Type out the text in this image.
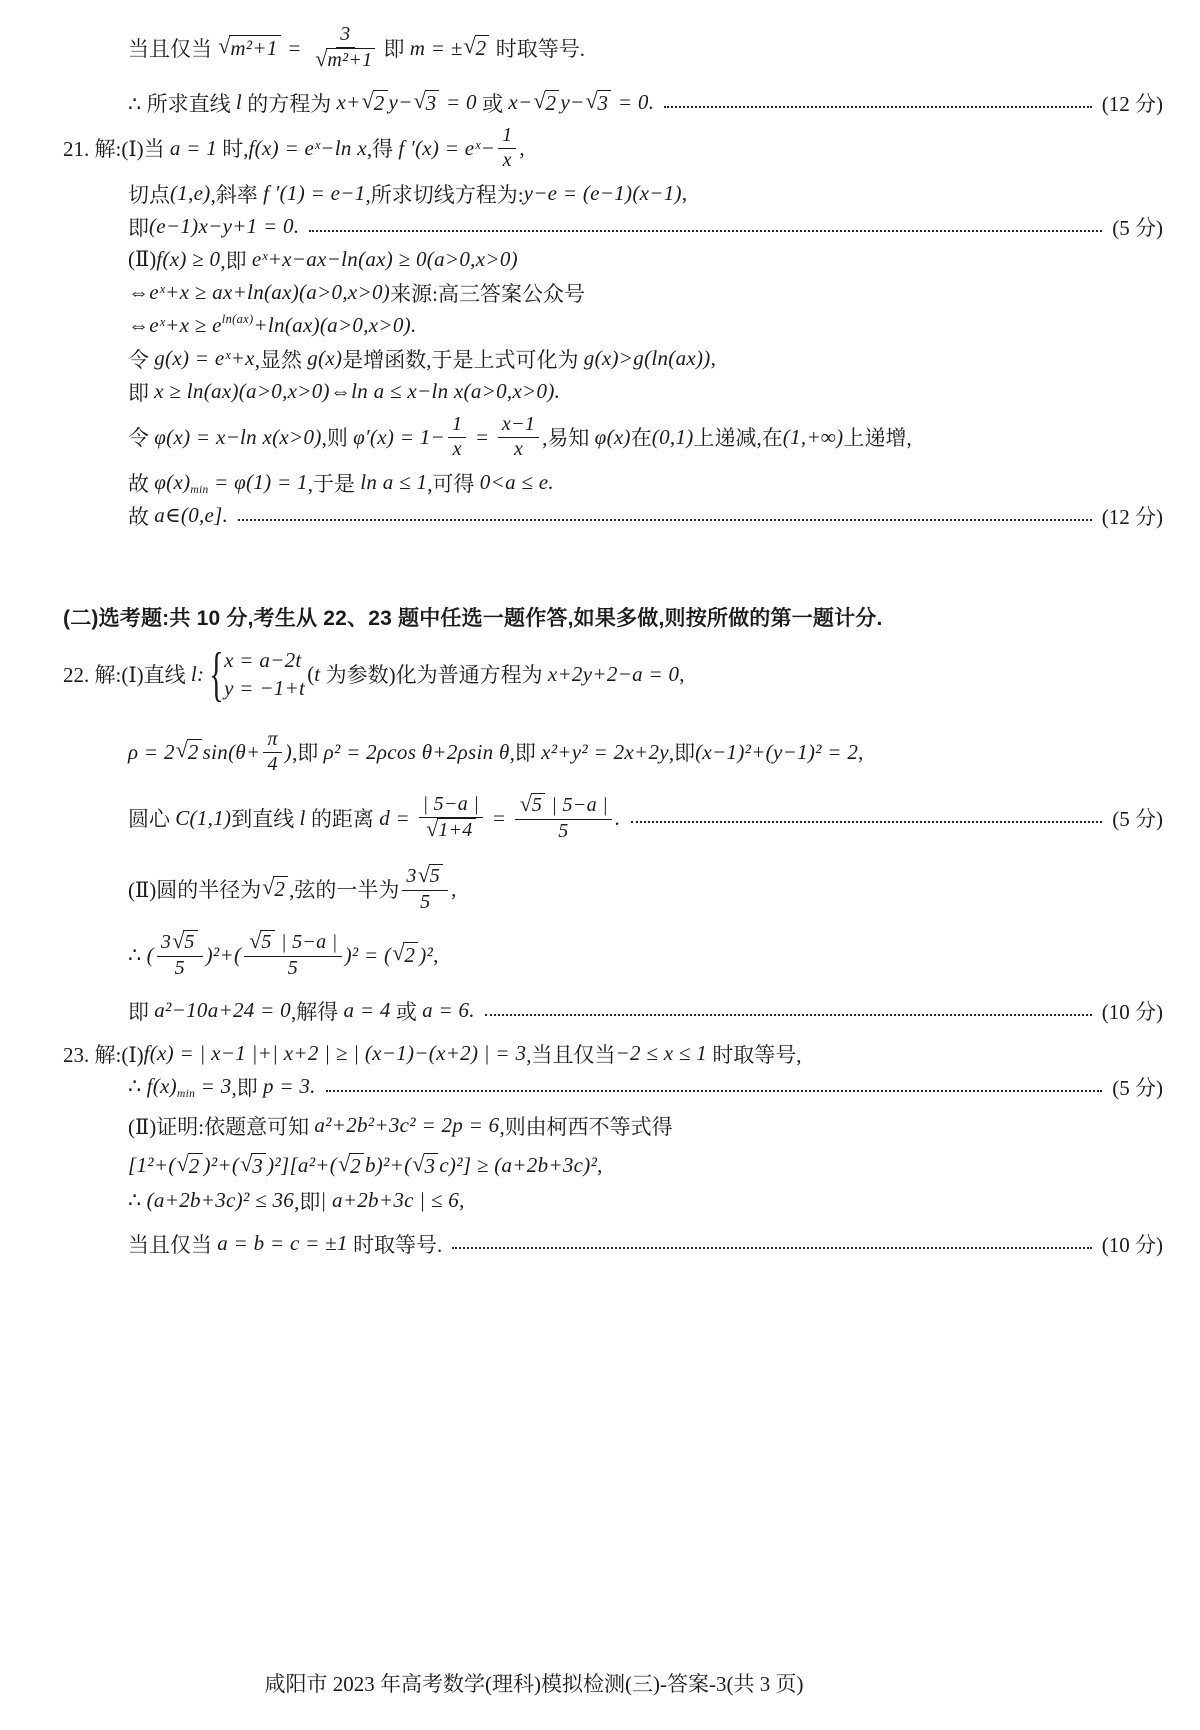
当且仅当 √ $m^2+1 = \frac{3}{\text{√ m²+1}}$ 即 m = ± √ 2 时取等号.
∴ 所求直线 l 的方程为 x+ √ 2 y− √ 3 = 0 或 x− √ 2 y− √ 3 = 0.	(12 分)
21. 解:(Ⅰ)当 a = 1 时, f(x) = eˣ−ln x ,得 f ′(x) = eˣ− $\frac{1}{x}$ ,
切点 (1,e) ,斜率 f ′(1) = e−1 ,所求切线方程为: y−e = (e−1)(x−1) ,
即 (e−1)x−y+1 = 0.	(5 分)
(Ⅱ) f(x) ≥ 0 ,即 eˣ+x−ax−ln(ax) ≥ 0(a>0,x>0)
⇔eˣ+x ≥ ax+ln(ax)(a>0,x>0) 来源:高三答案公众号
⇔eˣ+x ≥ e $^{ln(ax)}$ +ln(ax)(a>0,x>0).
令 g(x) = eˣ+x ,显然 g(x) 是增函数,于是上式可化为 g(x)>g(ln(ax)) ,
即 x ≥ ln(ax)(a>0,x>0)⇔ln a ≤ x−ln x(a>0,x>0).
令 φ(x) = x−ln x(x>0) ,则 $\varphi'(x) = 1- \frac{1}{x} = \frac{x-1}{x}$ ,易知 φ(x) 在 (0,1) 上递减,在 (1,+∞) 上递增,
故 φ(x) $_{min}$ = φ(1) = 1 ,于是 ln a ≤ 1 ,可得 0<a ≤ e.
故 a∈(0,e].	(12 分)
(二)选考题:共 10 分,考生从 22、23 题中任选一题作答,如果多做,则按所做的第一题计分.
22. 解:(Ⅰ)直线 l: { x = a−2t
y = −1+t
( t 为参数)化为普通方程为 x+2y+2−a = 0 ,
ρ = 2 √ 2 $\sin(\theta+ \frac{\pi}{4}$ ) ,即 ρ² = 2ρcos θ+2ρsin θ ,即 x²+y² = 2x+2y ,即 (x−1)²+(y−1)² = 2 ,
圆心 C(1,1) 到直线 l 的距离 $d = \frac{| 5-a |}{√ 1+4} = \frac{√ 5 | 5-a |}{5}$ .	(5 分)
(Ⅱ)圆的半径为 √ 2 ,弦的一半为 $\frac{3 √ 5}{5}$ ,
∴ ( $\frac{3 √ 5}{5} )^2+( \frac{√ 5 | 5-a |}{5} )^2$ = ( √ 2 )² ,
即 a²−10a+24 = 0 ,解得 a = 4 或 a = 6.	(10 分)
23. 解:(Ⅰ) f(x) = | x−1 |+| x+2 | ≥ | (x−1)−(x+2) | = 3 ,当且仅当 −2 ≤ x ≤ 1 时取等号,
∴ f(x) $_{min}$ = 3 ,即 p = 3.	(5 分)
(Ⅱ)证明:依题意可知 a²+2b²+3c² = 2p = 6 ,则由柯西不等式得
[1²+( √ 2 )²+( √ 3 )²][a²+( √ 2 b)²+( √ 3 c)²] ≥ (a+2b+3c)² ,
∴ (a+2b+3c)² ≤ 36 ,即 | a+2b+3c | ≤ 6 ,
当且仅当 a = b = c = ±1 时取等号.	(10 分)
咸阳市 2023 年高考数学(理科)模拟检测(三)-答案-3(共 3 页)
